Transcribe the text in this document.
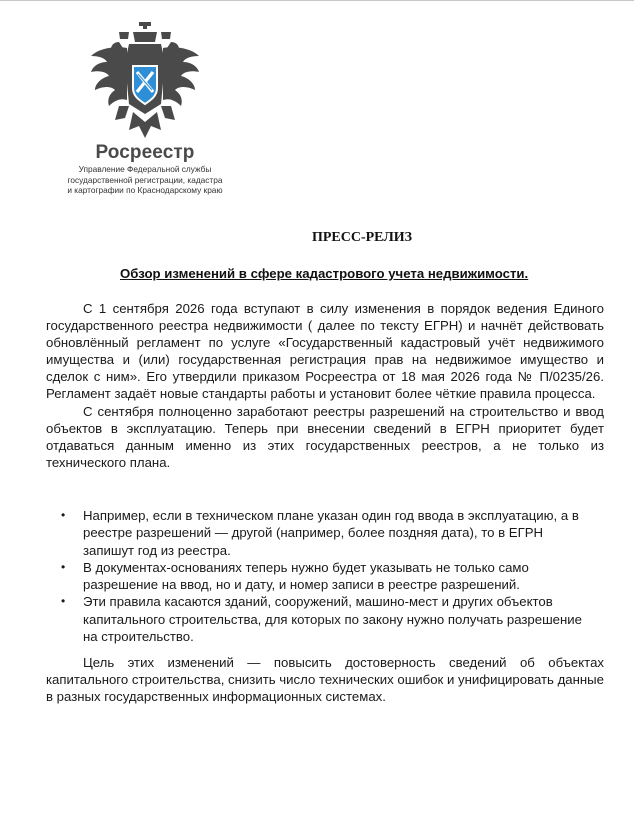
Росреестр
Управление Федеральной службы
государственной регистрации, кадастра
и картографии по Краснодарскому краю
ПРЕСС-РЕЛИЗ
Обзор изменений в сфере кадастрового учета недвижимости.

С 1 сентября 2026 года вступают в силу изменения в порядок ведения Единого государственного реестра недвижимости ( далее по тексту ЕГРН) и начнёт действовать обновлённый регламент по услуге «Государственный кадастровый учёт недвижимого имущества и (или) государственная регистрация прав на недвижимое имущество и сделок с ним». Его утвердили приказом Росреестра от 18 мая 2026 года № П/0235/26. Регламент задаёт новые стандарты работы и установит более чёткие правила процесса.

С сентября полноценно заработают реестры разрешений на строительство и ввод объектов в эксплуатацию. Теперь при внесении сведений в ЕГРН приоритет будет отдаваться данным именно из этих государственных реестров, а не только из технического плана.

• Например, если в техническом плане указан один год ввода в эксплуатацию, а в реестре разрешений — другой (например, более поздняя дата), то в ЕГРН запишут год из реестра.
• В документах-основаниях теперь нужно будет указывать не только само разрешение на ввод, но и дату, и номер записи в реестре разрешений.
• Эти правила касаются зданий, сооружений, машино-мест и других объектов капитального строительства, для которых по закону нужно получать разрешение на строительство.

Цель этих изменений — повысить достоверность сведений об объектах капитального строительства, снизить число технических ошибок и унифицировать данные в разных государственных информационных системах.
